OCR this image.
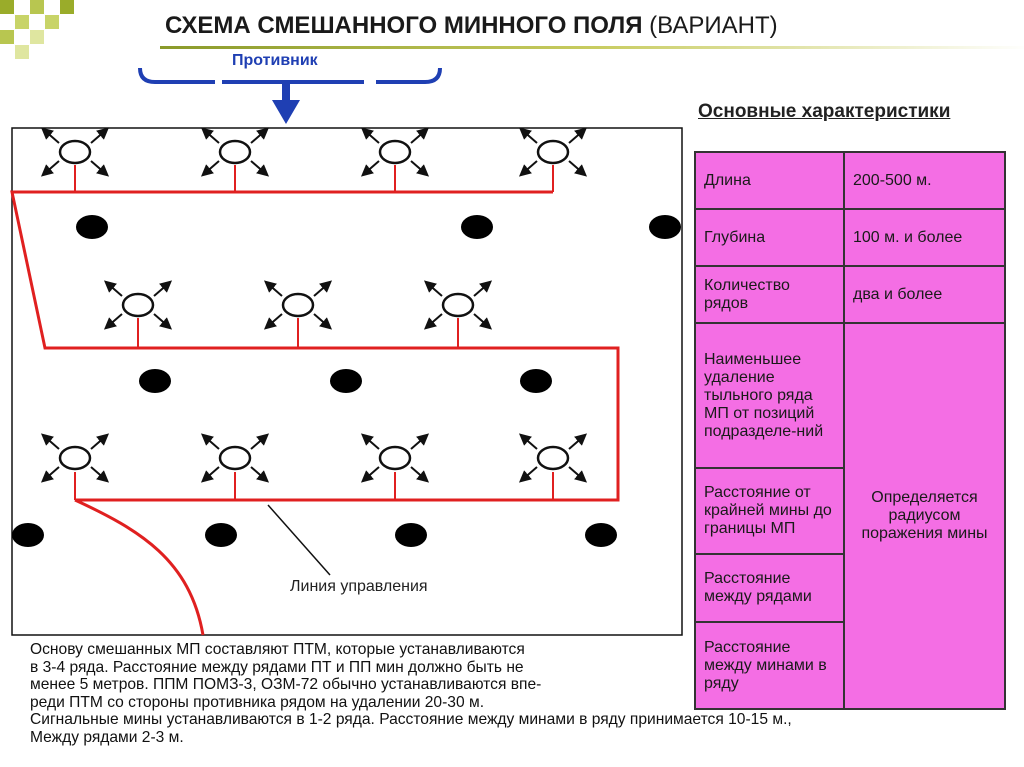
СХЕМА СМЕШАННОГО МИННОГО ПОЛЯ (ВАРИАНТ)
Противник
Линия управления
Основные характеристики
Длина	200-500 м.
Глубина	100 м. и более
Количество рядов	два и более
Наименьшее удаление тыльного ряда МП от позиций подразделе-ний	Определяется радиусом поражения мины
Расстояние от крайней мины до границы МП	
Расстояние между рядами	
Расстояние между минами в ряду	
Основу смешанных МП составляют ПТМ, которые устанавливаются
в 3-4 ряда. Расстояние между рядами ПТ и ПП мин должно быть не
менее 5 метров. ППМ ПОМЗ-3, ОЗМ-72 обычно устанавливаются впе-
реди ПТМ со стороны противника рядом на удалении 20-30 м.
Сигнальные мины устанавливаются в 1-2 ряда. Расстояние между минами в ряду принимается 10-15 м.,
Между рядами 2-3 м.
